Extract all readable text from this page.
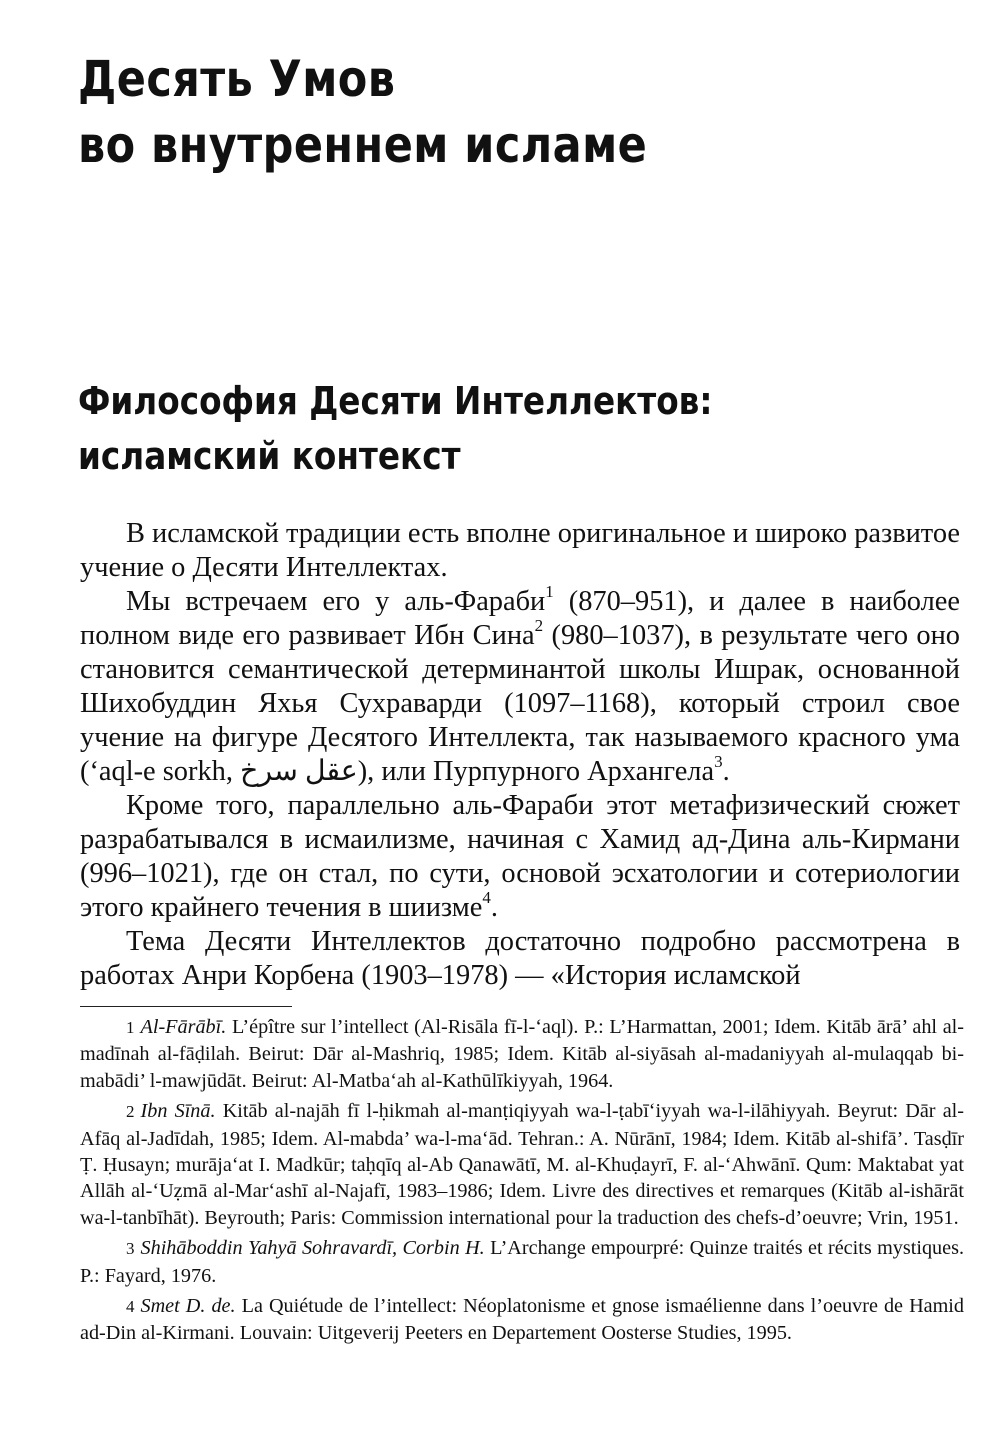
Десять Умов
во внутреннем исламе
Философия Десяти Интеллектов:
исламский контекст

В исламской традиции есть вполне оригинальное и широко развитое учение о Десяти Интеллектах.

Мы встречаем его у аль-Фараби$^1$ (870–951), и далее в наиболее полном виде его развивает Ибн Сина$^2$ (980–1037), в результате чего оно становится семантической детерминантой школы Ишрак, основанной Шихобуддин Яхья Сухраварди (1097–1168), который строил свое учение на фигуре Десятого Интеллекта, так называемого красного ума (‘aql-e sorkh, عقل سرخ), или Пурпурного Архангела$^3$.

Кроме того, параллельно аль-Фараби этот метафизический сюжет разрабатывался в исмаилизме, начиная с Хамид ад-Дина аль-Кирмани (996–1021), где он стал, по сути, основой эсхатологии и сотериологии этого крайнего течения в шиизме$^4$.

Тема Десяти Интеллектов достаточно подробно рассмотрена в работах Анри Корбена (1903–1978) — «История исламской

1 Al-Fārābī. L’épître sur l’intellect (Al-Risāla fī-l-‘aql). P.: L’Harmattan, 2001; Idem. Kitāb ārā’ ahl al-madīnah al-fāḍilah. Beirut: Dār al-Mashriq, 1985; Idem. Kitāb al-siyāsah al-madaniyyah al-mulaqqab bi-mabādi’ l-mawjūdāt. Beirut: Al-Matba‘ah al-Kathūlīkiyyah, 1964.

2 Ibn Sīnā. Kitāb al-najāh fī l-ḥikmah al-manṭiqiyyah wa-l-ṭabī‘iyyah wa-l-ilāhiyyah. Beyrut: Dār al-Afāq al-Jadīdah, 1985; Idem. Al-mabda’ wa-l-ma‘ād. Tehran.: A. Nūrānī, 1984; Idem. Kitāb al-shifā’. Tasḍīr Ṭ. Ḥusayn; murāja‘at I. Madkūr; taḥqīq al-Ab Qanawātī, M. al-Khuḍayrī, F. al-‘Ahwānī. Qum: Maktabat yat Allāh al-‘Uẓmā al-Mar‘ashī al-Najafī, 1983–1986; Idem. Livre des directives et remarques (Kitāb al-ishārāt wa-l-tanbīhāt). Beyrouth; Paris: Commission international pour la traduction des chefs-d’oeuvre; Vrin, 1951.

3 Shihāboddin Yahyā Sohravardī, Corbin H. L’Archange empourpré: Quinze traités et récits mystiques. P.: Fayard, 1976.

4 Smet D. de. La Quiétude de l’intellect: Néoplatonisme et gnose ismaélienne dans l’oeuvre de Hamid ad-Din al-Kirmani. Louvain: Uitgeverij Peeters en Departement Oosterse Studies, 1995.
